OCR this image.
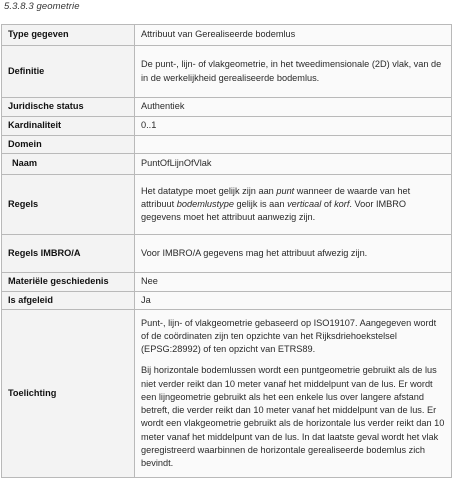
5.3.8.3 geometrie
Type gegeven	Attribuut van Gerealiseerde bodemlus
Definitie	De punt-, lijn- of vlakgeometrie, in het tweedimensionale (2D) vlak, van de in de werkelijkheid gerealiseerde bodemlus.
Juridische status	Authentiek
Kardinaliteit	0..1
Domein	
Naam	PuntOfLijnOfVlak
Regels	Het datatype moet gelijk zijn aan punt wanneer de waarde van het attribuut bodemlustype gelijk is aan verticaal of korf. Voor IMBRO gegevens moet het attribuut aanwezig zijn.
Regels IMBRO/A	Voor IMBRO/A gegevens mag het attribuut afwezig zijn.
Materiële geschiedenis	Nee
Is afgeleid	Ja
Toelichting	Punt-, lijn- of vlakgeometrie gebaseerd op ISO19107. Aangegeven wordt of de coördinaten zijn ten opzichte van het Rijksdriehoekstelsel (EPSG:28992) of ten opzicht van ETRS89.

Bij horizontale bodemlussen wordt een puntgeometrie gebruikt als de lus niet verder reikt dan 10 meter vanaf het middelpunt van de lus. Er wordt een lijngeometrie gebruikt als het een enkele lus over langere afstand betreft, die verder reikt dan 10 meter vanaf het middelpunt van de lus. Er wordt een vlakgeometrie gebruikt als de horizontale lus verder reikt dan 10 meter vanaf het middelpunt van de lus. In dat laatste geval wordt het vlak geregistreerd waarbinnen de horizontale gerealiseerde bodemlus zich bevindt.
